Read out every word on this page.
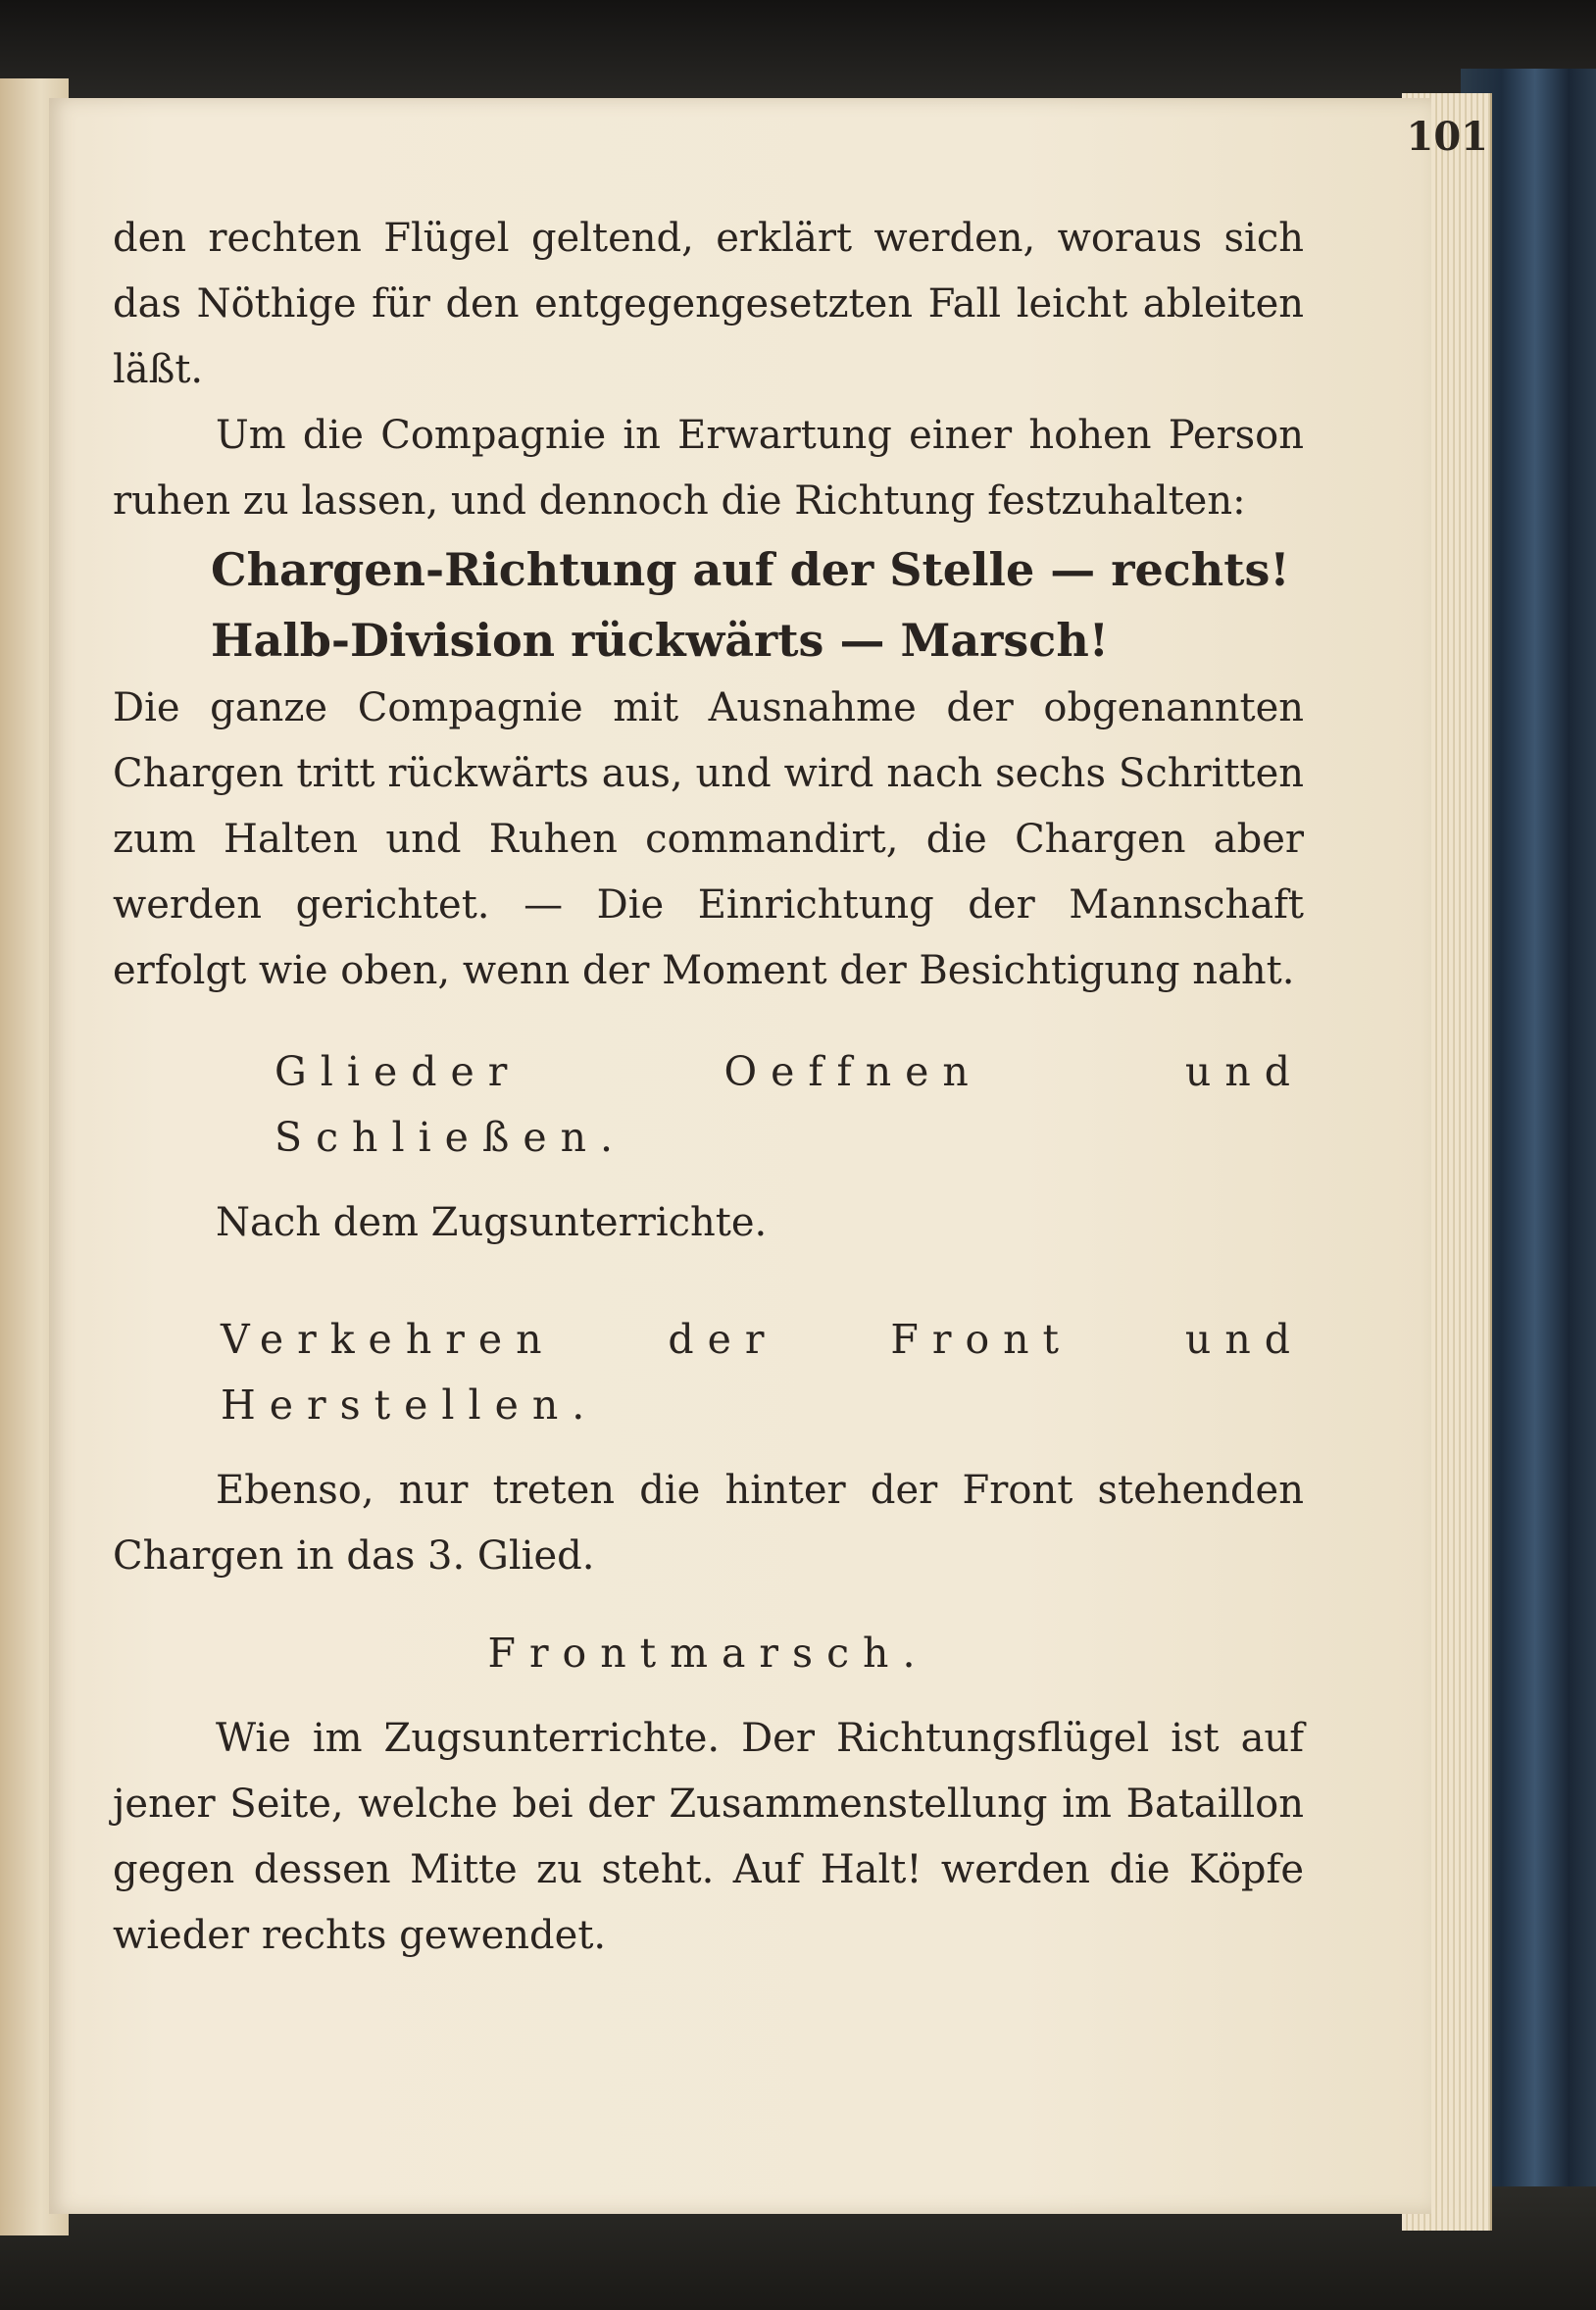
101

den rechten Flügel geltend, erklärt werden, woraus sich das Nöthige für den entgegengesetzten Fall leicht ableiten läßt.

Um die Compagnie in Erwartung einer hohen Person ruhen zu lassen, und dennoch die Richtung festzuhalten:

Chargen-Richtung auf der Stelle — rechts!

Halb-Division rückwärts — Marsch!

Die ganze Compagnie mit Ausnahme der obgenannten Chargen tritt rückwärts aus, und wird nach sechs Schritten zum Halten und Ruhen commandirt, die Chargen aber werden gerichtet. — Die Einrichtung der Mannschaft erfolgt wie oben, wenn der Moment der Besichtigung naht.

Glieder Oeffnen und Schließen.

Nach dem Zugsunterrichte.

Verkehren der Front und Herstellen.

Ebenso, nur treten die hinter der Front stehenden Chargen in das 3. Glied.

Frontmarsch.

Wie im Zugsunterrichte. Der Richtungsflügel ist auf jener Seite, welche bei der Zusammenstellung im Bataillon gegen dessen Mitte zu steht. Auf Halt! werden die Köpfe wieder rechts gewendet.
